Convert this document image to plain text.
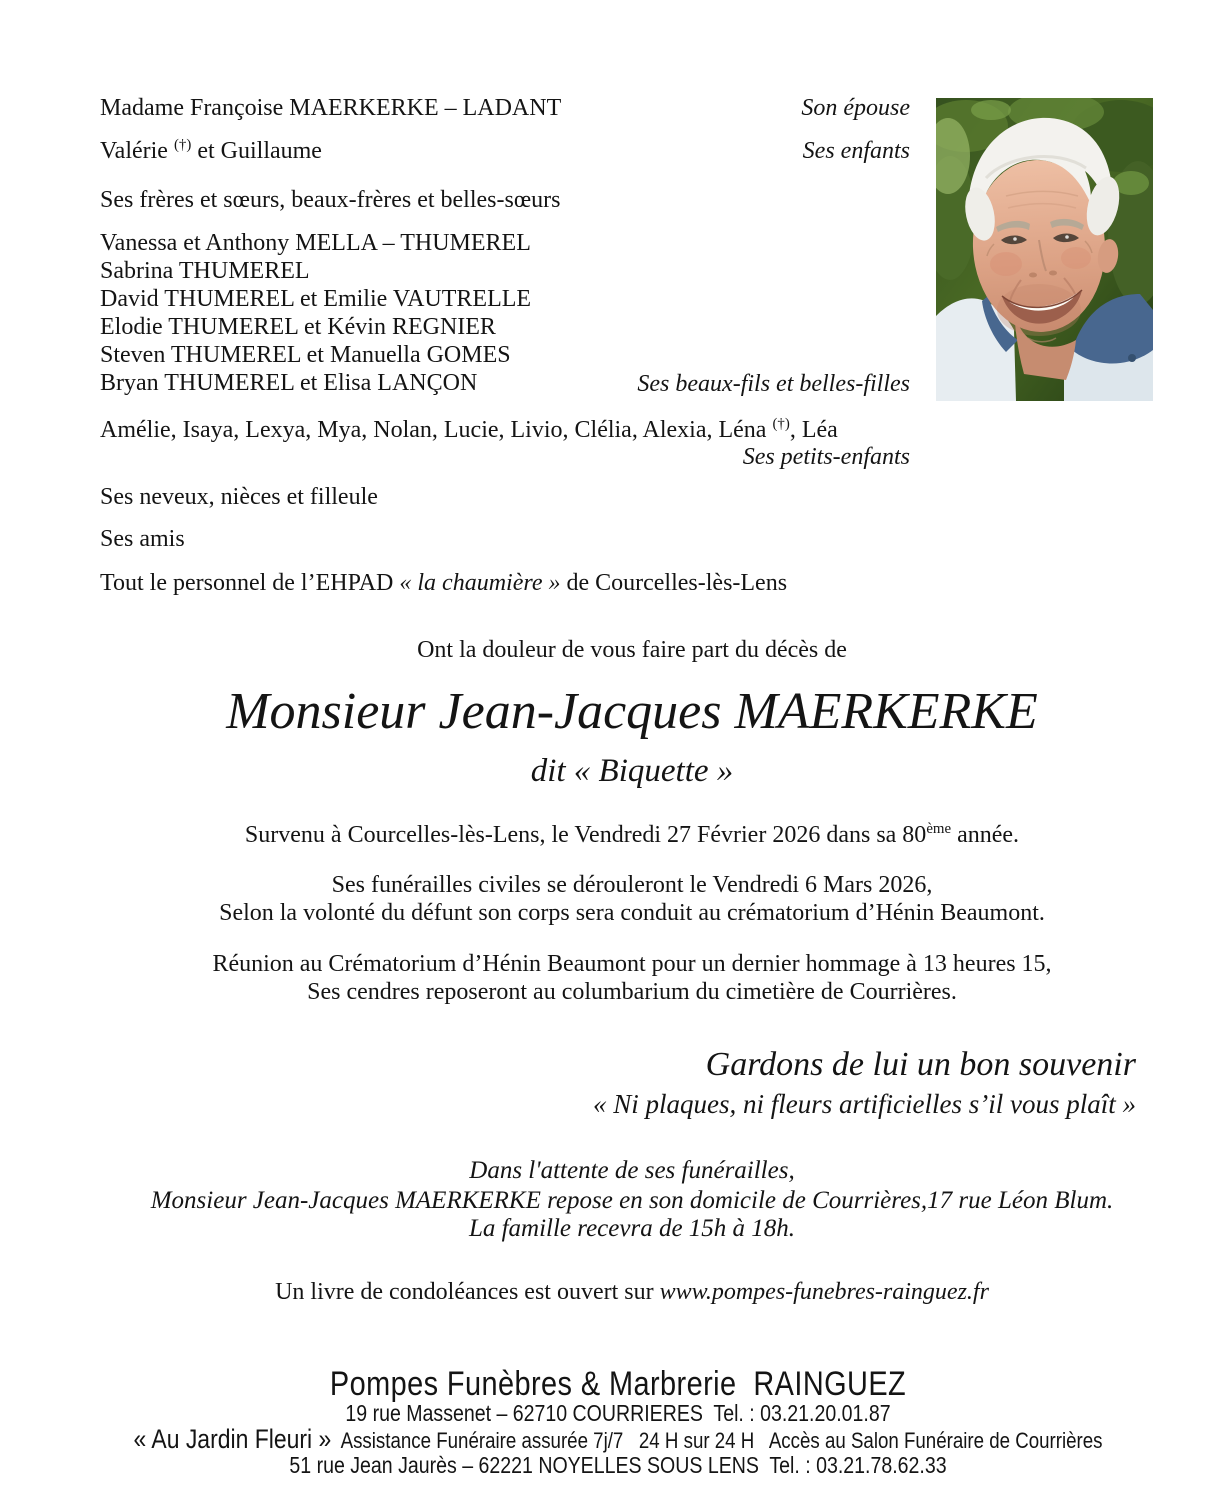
Madame Françoise MAERKERKE – LADANT	Son épouse
Valérie (†) et Guillaume	Ses enfants
Ses frères et sœurs, beaux-frères et belles-sœurs
Vanessa et Anthony MELLA – THUMEREL
Sabrina THUMEREL
David THUMEREL et Emilie VAUTRELLE
Elodie THUMEREL et Kévin REGNIER
Steven THUMEREL et Manuella GOMES
Bryan THUMEREL et Elisa LANÇON	Ses beaux-fils et belles-filles
Amélie, Isaya, Lexya, Mya, Nolan, Lucie, Livio, Clélia, Alexia, Léna (†), Léa
Ses petits-enfants
Ses neveux, nièces et filleule
Ses amis
Tout le personnel de l’EHPAD « la chaumière » de Courcelles-lès-Lens
Ont la douleur de vous faire part du décès de
Monsieur Jean-Jacques MAERKERKE
dit « Biquette »
Survenu à Courcelles-lès-Lens, le Vendredi 27 Février 2026 dans sa 80ème année.
Ses funérailles civiles se dérouleront le Vendredi 6 Mars 2026,
Selon la volonté du défunt son corps sera conduit au crématorium d’Hénin Beaumont.
Réunion au Crématorium d’Hénin Beaumont pour un dernier hommage à 13 heures 15,
Ses cendres reposeront au columbarium du cimetière de Courrières.
Gardons de lui un bon souvenir
« Ni plaques, ni fleurs artificielles s’il vous plaît »
Dans l'attente de ses funérailles,
Monsieur Jean-Jacques MAERKERKE repose en son domicile de Courrières,17 rue Léon Blum.
La famille recevra de 15h à 18h.
Un livre de condoléances est ouvert sur www.pompes-funebres-rainguez.fr
Pompes Funèbres & Marbrerie  RAINGUEZ
19 rue Massenet – 62710 COURRIERES  Tel. : 03.21.20.01.87
« Au Jardin Fleuri »  Assistance Funéraire assurée 7j/7   24 H sur 24 H   Accès au Salon Funéraire de Courrières
51 rue Jean Jaurès – 62221 NOYELLES SOUS LENS  Tel. : 03.21.78.62.33
